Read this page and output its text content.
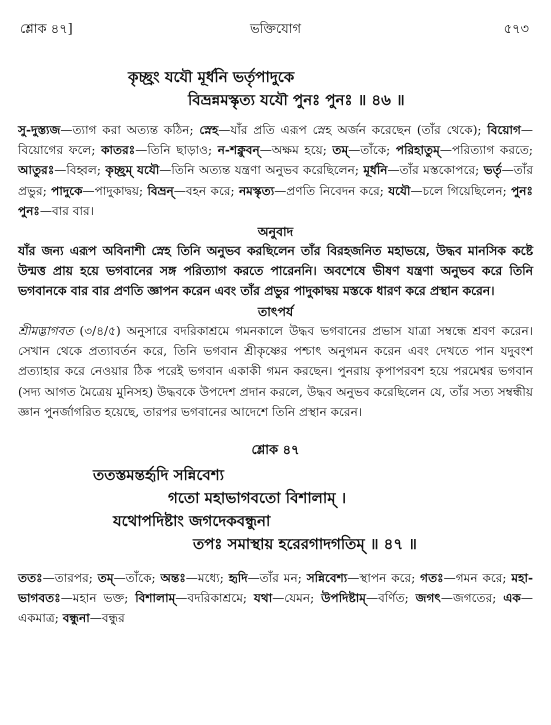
শ্লোক ৪৭]	ভক্তিযোগ	৫৭৩
কৃচ্ছ্রং যযৌ মূর্ধনি ভর্তৃপাদুকে
বিভ্রন্নমস্কৃত্য যযৌ পুনঃ পুনঃ ॥ ৪৬ ॥
সু-দুস্ত্যজ—ত্যাগ করা অত্যন্ত কঠিন; স্নেহ—যাঁর প্রতি এরূপ স্নেহ অর্জন করেছেন (তাঁর থেকে); বিয়োগ—বিয়োগের ফলে; কাতরঃ—তিনি ছাড়াও; ন-শক্নুবন্—অক্ষম হয়ে; তম্—তাঁকে; পরিহাতুম্—পরিত্যাগ করতে; আতুরঃ—বিহ্বল; কৃচ্ছ্রম্ যযৌ—তিনি অত্যন্ত যন্ত্রণা অনুভব করেছিলেন; মূর্ধনি—তাঁর মস্তকোপরে; ভর্তৃ—তাঁর প্রভুর; পাদুকে—পাদুকাদ্বয়; বিভ্রন্—বহন করে; নমস্কৃত্য—প্রণতি নিবেদন করে; যযৌ—চলে গিয়েছিলেন; পুনঃ পুনঃ—বার বার।
অনুবাদ
যাঁর জন্য এরূপ অবিনাশী স্নেহ তিনি অনুভব করছিলেন তাঁর বিরহজনিত মহাভয়ে, উদ্ধব মানসিক কষ্টে উন্মত্ত প্রায় হয়ে ভগবানের সঙ্গ পরিত্যাগ করতে পারেননি। অবশেষে ভীষণ যন্ত্রণা অনুভব করে তিনি ভগবানকে বার বার প্রণতি জ্ঞাপন করেন এবং তাঁর প্রভুর পাদুকাদ্বয় মস্তকে ধারণ করে প্রস্থান করেন।
তাৎপর্য
শ্রীমদ্ভাগবত (৩/৪/৫) অনুসারে বদরিকাশ্রমে গমনকালে উদ্ধব ভগবানের প্রভাস যাত্রা সম্বন্ধে শ্রবণ করেন। সেখান থেকে প্রত্যাবর্তন করে, তিনি ভগবান শ্রীকৃষ্ণের পশ্চাৎ অনুগমন করেন এবং দেখতে পান যদুবংশ প্রত্যাহার করে নেওয়ার ঠিক পরেই ভগবান একাকী গমন করছেন। পুনরায় কৃপাপরবশ হয়ে পরমেশ্বর ভগবান (সদ্য আগত মৈত্রেয় মুনিসহ) উদ্ধবকে উপদেশ প্রদান করলে, উদ্ধব অনুভব করেছিলেন যে, তাঁর সত্য সম্বন্ধীয় জ্ঞান পুনর্জাগরিত হয়েছে, তারপর ভগবানের আদেশে তিনি প্রস্থান করেন।
শ্লোক ৪৭
ততস্তমন্তর্হৃদি সন্নিবেশ্য
গতো মহাভাগবতো বিশালাম্ ।
যথোপদিষ্টাং জগদেকবন্ধুনা
তপঃ সমাস্থায় হরেরগাদগতিম্ ॥ ৪৭ ॥
ততঃ—তারপর; তম্—তাঁকে; অন্তঃ—মধ্যে; হৃদি—তাঁর মন; সন্নিবেশ্য—স্থাপন করে; গতঃ—গমন করে; মহা-ভাগবতঃ—মহান ভক্ত; বিশালাম্—বদরিকাশ্রমে; যথা—যেমন; উপদিষ্টাম্—বর্ণিত; জগৎ—জগতের; এক—একমাত্র; বন্ধুনা—বন্ধুর
